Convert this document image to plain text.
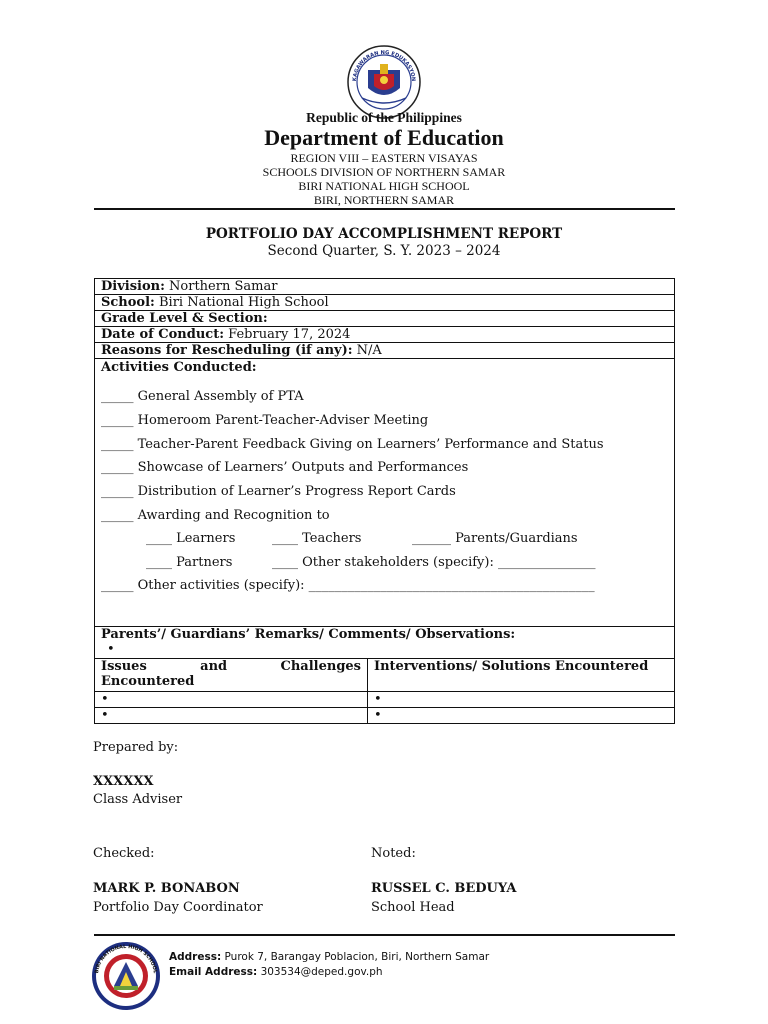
KAGAWARAN NG EDUKASYON
Republic of the Philippines
Department of Education
REGION VIII – EASTERN VISAYAS
SCHOOLS DIVISION OF NORTHERN SAMAR
BIRI NATIONAL HIGH SCHOOL
BIRI, NORTHERN SAMAR
PORTFOLIO DAY ACCOMPLISHMENT REPORT
Second Quarter, S. Y. 2023 – 2024
Division: Northern Samar	
School: Biri National High School	
Grade Level & Section:	
Date of Conduct: February 17, 2024	
Reasons for Rescheduling (if any): N/A	

Activities Conducted:	

Parents’/ Guardians’ Remarks/ Comments/ Observations:
•	

Issues and Challenges Encountered	Interventions/ Solutions Encountered
•	•
•	•
_____ General Assembly of PTA
_____ Homeroom Parent-Teacher-Adviser Meeting
_____ Teacher-Parent Feedback Giving on Learners’ Performance and Status
_____ Showcase of Learners’ Outputs and Performances
_____ Distribution of Learner’s Progress Report Cards
_____ Awarding and Recognition to
____ Learners	____ Teachers	______ Parents/Guardians
____ Partners	____ Other stakeholders (specify): _______________
_____ Other activities (specify): ____________________________________________
Prepared by:
XXXXXX
Class Adviser
Checked:
MARK P. BONABON
Portfolio Day Coordinator
Noted:
RUSSEL C. BEDUYA
School Head
BIRI NATIONAL HIGH SCHOOL
Address: Purok 7, Barangay Poblacion, Biri, Northern Samar
Email Address: 303534@deped.gov.ph
